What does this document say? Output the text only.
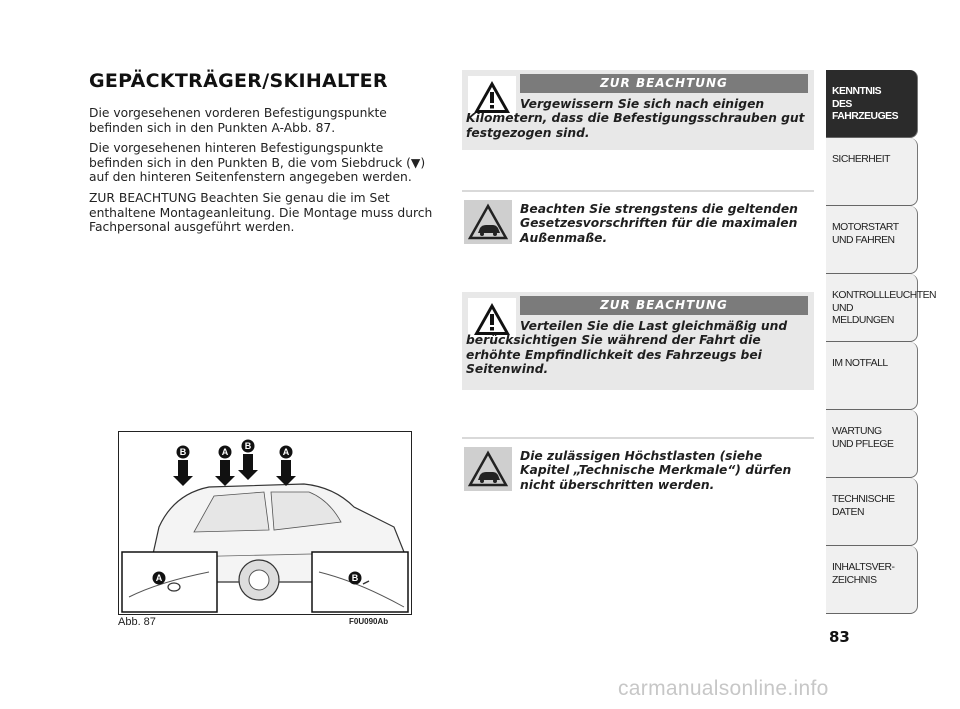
GEPÄCKTRÄGER/SKIHALTER

Die vorgesehenen vorderen Befestigungspunkte befinden sich in den Punkten A-Abb. 87.

Die vorgesehenen hinteren Befestigungspunkte befinden sich in den Punkten B, die vom Siebdruck (▼) auf den hinteren Seitenfenstern angegeben werden.

ZUR BEACHTUNG Beachten Sie genau die im Set enthaltene Montageanleitung. Die Montage muss durch Fachpersonal ausgeführt werden.

ZUR BEACHTUNG
Vergewissern Sie sich nach einigen Kilometern, dass die Befestigungsschrauben gut festgezogen sind.
Beachten Sie strengstens die geltenden Gesetzesvorschriften für die maximalen Außenmaße.
ZUR BEACHTUNG
Verteilen Sie die Last gleichmäßig und berücksichtigen Sie während der Fahrt die erhöhte Empfindlichkeit des Fahrzeugs bei Seitenwind.
Die zulässigen Höchstlasten (siehe Kapitel „Technische Merkmale“) dürfen nicht überschritten werden.
B	A
B
A
A	B
Abb. 87	F0U090Ab
KENNTNIS
DES FAHRZEUGES
SICHERHEIT
MOTORSTART
UND FAHREN
KONTROLLLEUCHTEN
UND MELDUNGEN
IM NOTFALL
WARTUNG
UND PFLEGE
TECHNISCHE
DATEN
INHALTSVER-
ZEICHNIS
83
carmanualsonline.info
